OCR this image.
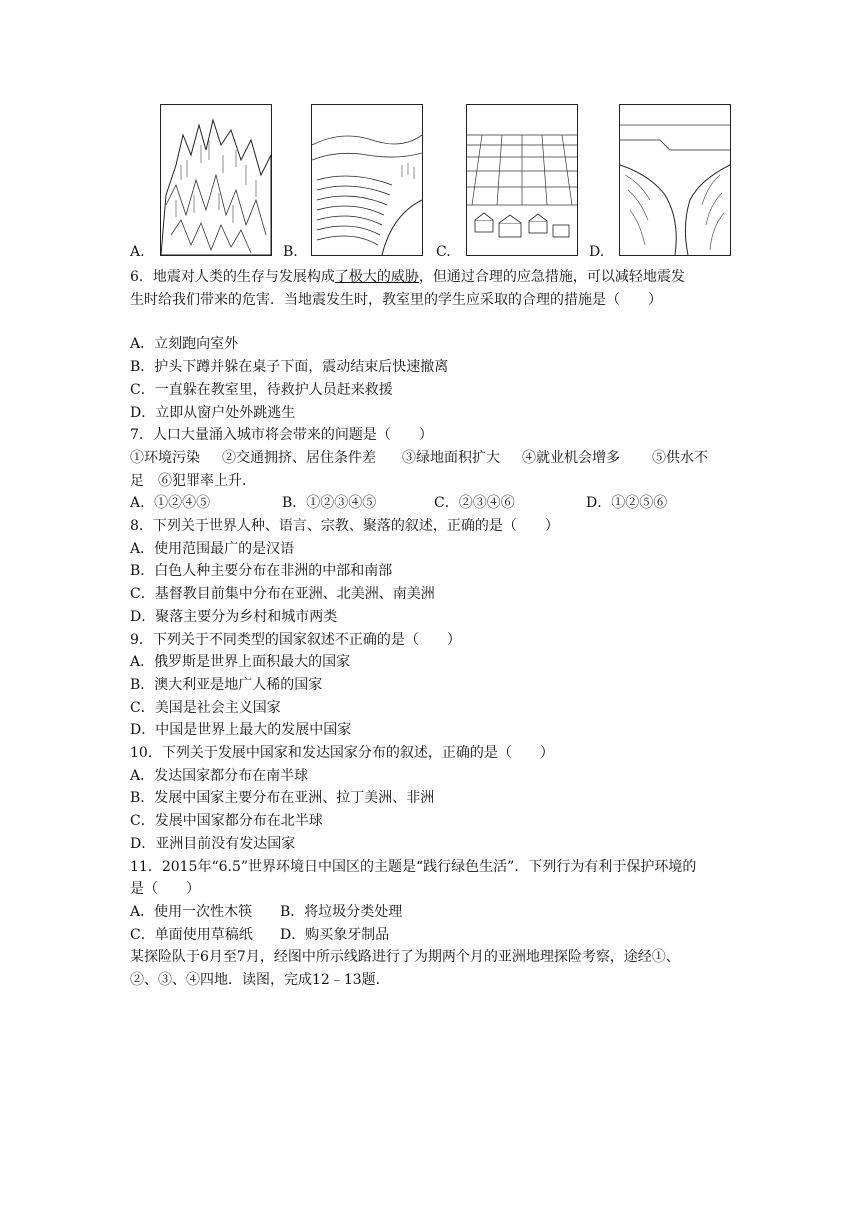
A.	B.	C.	D.
6．地震对人类的生存与发展构成了极大的威胁，但通过合理的应急措施，可以减轻地震发
生时给我们带来的危害．当地震发生时，教室里的学生应采取的合理的措施是（　　）
A．立刻跑向室外
B．护头下蹲并躲在桌子下面，震动结束后快速撤离
C．一直躲在教室里，待救护人员赶来救援
D．立即从窗户处外跳逃生
7．人口大量涌入城市将会带来的问题是（　　）
①环境污染 ②交通拥挤、居住条件差 ③绿地面积扩大 ④就业机会增多 ⑤供水不
足　⑥犯罪率上升．
A．①②④⑤	B．①②③④⑤	C．②③④⑥	D．①②⑤⑥
8．下列关于世界人种、语言、宗教、聚落的叙述，正确的是（　　）
A．使用范围最广的是汉语
B．白色人种主要分布在非洲的中部和南部
C．基督教目前集中分布在亚洲、北美洲、南美洲
D．聚落主要分为乡村和城市两类
9．下列关于不同类型的国家叙述不正确的是（　　）
A．俄罗斯是世界上面积最大的国家
B．澳大利亚是地广人稀的国家
C．美国是社会主义国家
D．中国是世界上最大的发展中国家
10．下列关于发展中国家和发达国家分布的叙述，正确的是（　　）
A．发达国家都分布在南半球
B．发展中国家主要分布在亚洲、拉丁美洲、非洲
C．发展中国家都分布在北半球
D．亚洲目前没有发达国家
11．2015年“6.5”世界环境日中国区的主题是“践行绿色生活”．下列行为有利于保护环境的
是（　　）
A．使用一次性木筷 B．将垃圾分类处理
C．单面使用草稿纸 D．购买象牙制品
某探险队于6月至7月，经图中所示线路进行了为期两个月的亚洲地理探险考察，途经①、
②、③、④四地．读图，完成12﹣13题．
